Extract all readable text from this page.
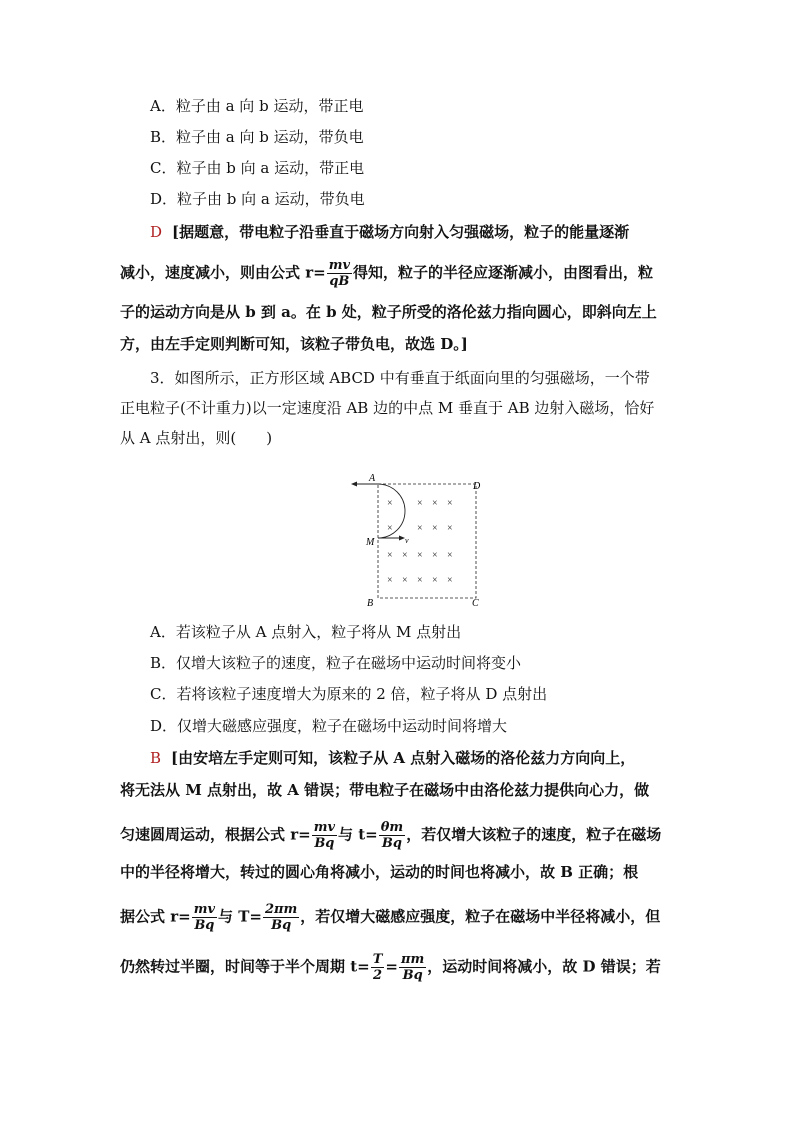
A．粒子由 a 向 b 运动，带正电
B．粒子由 a 向 b 运动，带负电
C．粒子由 b 向 a 运动，带正电
D．粒子由 b 向 a 运动，带负电
D [据题意，带电粒子沿垂直于磁场方向射入匀强磁场，粒子的能量逐渐
减小，速度减小，则由公式 $r= \frac{mv}{qB}$ 得知，粒子的半径应逐渐减小，由图看出，粒
子的运动方向是从 b 到 a。在 b 处，粒子所受的洛伦兹力指向圆心，即斜向左上
方，由左手定则判断可知，该粒子带负电，故选 D。]
3．如图所示，正方形区域 ABCD 中有垂直于纸面向里的匀强磁场，一个带
正电粒子(不计重力)以一定速度沿 AB 边的中点 M 垂直于 AB 边射入磁场，恰好
从 A 点射出，则(　　)
A
D
B	C
M	v
× × × ×
× × × ×
× × × × ×
× × × × ×
A．若该粒子从 A 点射入，粒子将从 M 点射出
B．仅增大该粒子的速度，粒子在磁场中运动时间将变小
C．若将该粒子速度增大为原来的 2 倍，粒子将从 D 点射出
D．仅增大磁感应强度，粒子在磁场中运动时间将增大
B [由安培左手定则可知，该粒子从 A 点射入磁场的洛伦兹力方向向上，
将无法从 M 点射出，故 A 错误；带电粒子在磁场中由洛伦兹力提供向心力，做
匀速圆周运动，根据公式 $r= \frac{mv}{Bq}$ 与 $t= \frac{\theta m}{Bq}$ ，若仅增大该粒子的速度，粒子在磁场
中的半径将增大，转过的圆心角将减小，运动的时间也将减小，故 B 正确；根
据公式 $r= \frac{mv}{Bq}$ 与 $T= \frac{2\pi m}{Bq}$ ，若仅增大磁感应强度，粒子在磁场中半径将减小，但
仍然转过半圈，时间等于半个周期 $t= \frac{T}{2} = \frac{\pi m}{Bq}$ ，运动时间将减小，故 D 错误；若
